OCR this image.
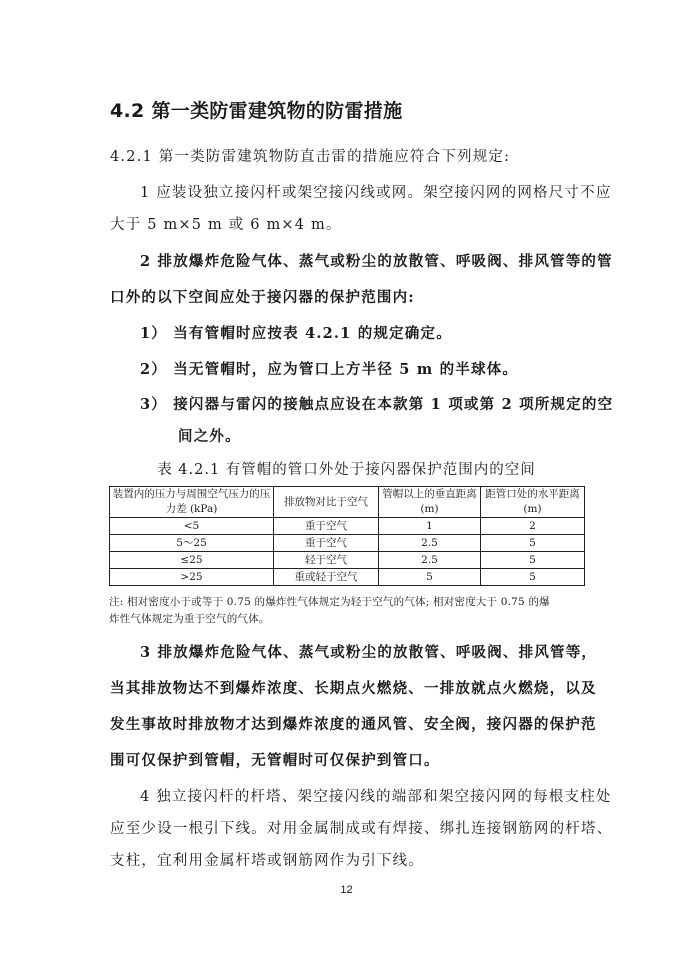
4.2 第一类防雷建筑物的防雷措施
4.2.1 第一类防雷建筑物防直击雷的措施应符合下列规定:
1 应装设独立接闪杆或架空接闪线或网。架空接闪网的网格尺寸不应
大于 5 m×5 m 或 6 m×4 m。
2 排放爆炸危险气体、蒸气或粉尘的放散管、呼吸阀、排风管等的管
口外的以下空间应处于接闪器的保护范围内:
1） 当有管帽时应按表 4.2.1 的规定确定。
2） 当无管帽时，应为管口上方半径 5 m 的半球体。
3） 接闪器与雷闪的接触点应设在本款第 1 项或第 2 项所规定的空
间之外。
表 4.2.1 有管帽的管口外处于接闪器保护范围内的空间
装置内的压力与周围空气压力的压力差 (kPa)	排放物对比于空气	管帽以上的垂直距离 (m)	距管口处的水平距离 (m)
<5	重于空气	1	2
5～25	重于空气	2.5	5
≤25	轻于空气	2.5	5
>25	重或轻于空气	5	5
注: 相对密度小于或等于 0.75 的爆炸性气体规定为轻于空气的气体; 相对密度大于 0.75 的爆
炸性气体规定为重于空气的气体。
3 排放爆炸危险气体、蒸气或粉尘的放散管、呼吸阀、排风管等，
当其排放物达不到爆炸浓度、长期点火燃烧、一排放就点火燃烧，以及
发生事故时排放物才达到爆炸浓度的通风管、安全阀，接闪器的保护范
围可仅保护到管帽，无管帽时可仅保护到管口。
4 独立接闪杆的杆塔、架空接闪线的端部和架空接闪网的每根支柱处
应至少设一根引下线。对用金属制成或有焊接、绑扎连接钢筋网的杆塔、
支柱，宜利用金属杆塔或钢筋网作为引下线。
12
